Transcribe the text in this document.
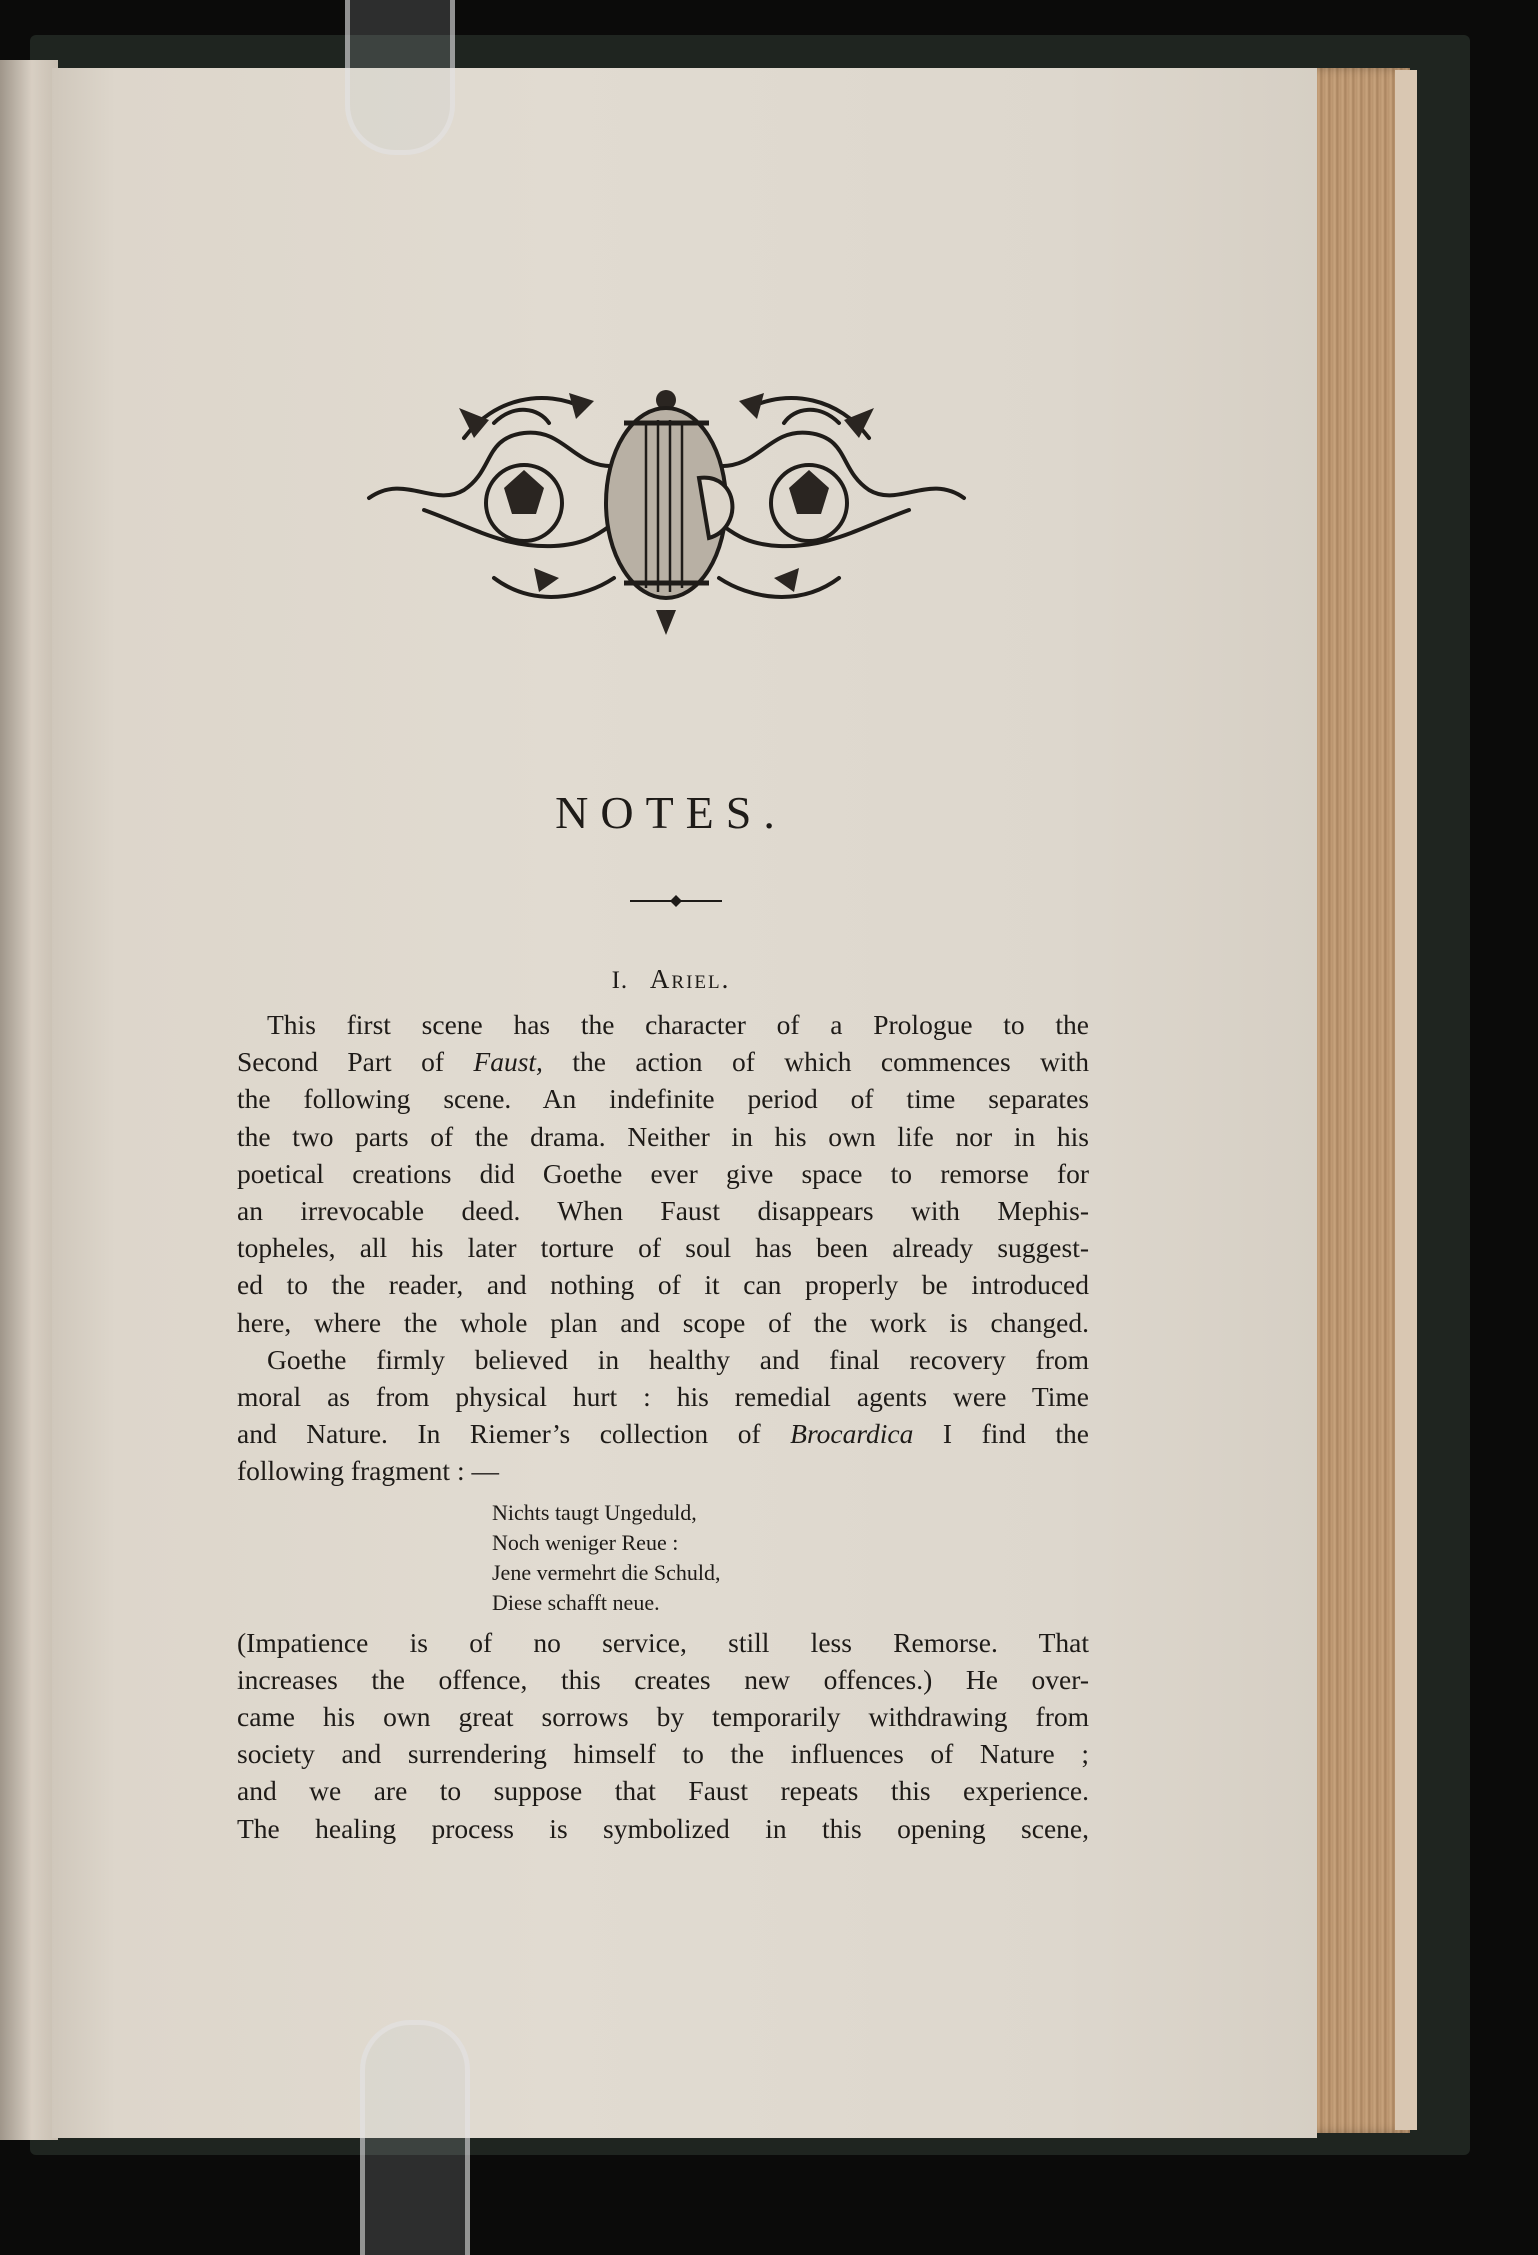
NOTES.
I. Ariel.

This first scene has the character of a Prologue to the
Second Part of Faust, the action of which commences with
the following scene. An indefinite period of time separates
the two parts of the drama. Neither in his own life nor in his
poetical creations did Goethe ever give space to remorse for
an irrevocable deed. When Faust disappears with Mephis-
topheles, all his later torture of soul has been already suggest-
ed to the reader, and nothing of it can properly be introduced
here, where the whole plan and scope of the work is changed.

Goethe firmly believed in healthy and final recovery from
moral as from physical hurt : his remedial agents were Time
and Nature. In Riemer’s collection of Brocardica I find the
following fragment : —

Nichts taugt Ungeduld,
Noch weniger Reue :
Jene vermehrt die Schuld,
Diese schafft neue.

(Impatience is of no service, still less Remorse. That
increases the offence, this creates new offences.) He over-
came his own great sorrows by temporarily withdrawing from
society and surrendering himself to the influences of Nature ;
and we are to suppose that Faust repeats this experience.
The healing process is symbolized in this opening scene,
